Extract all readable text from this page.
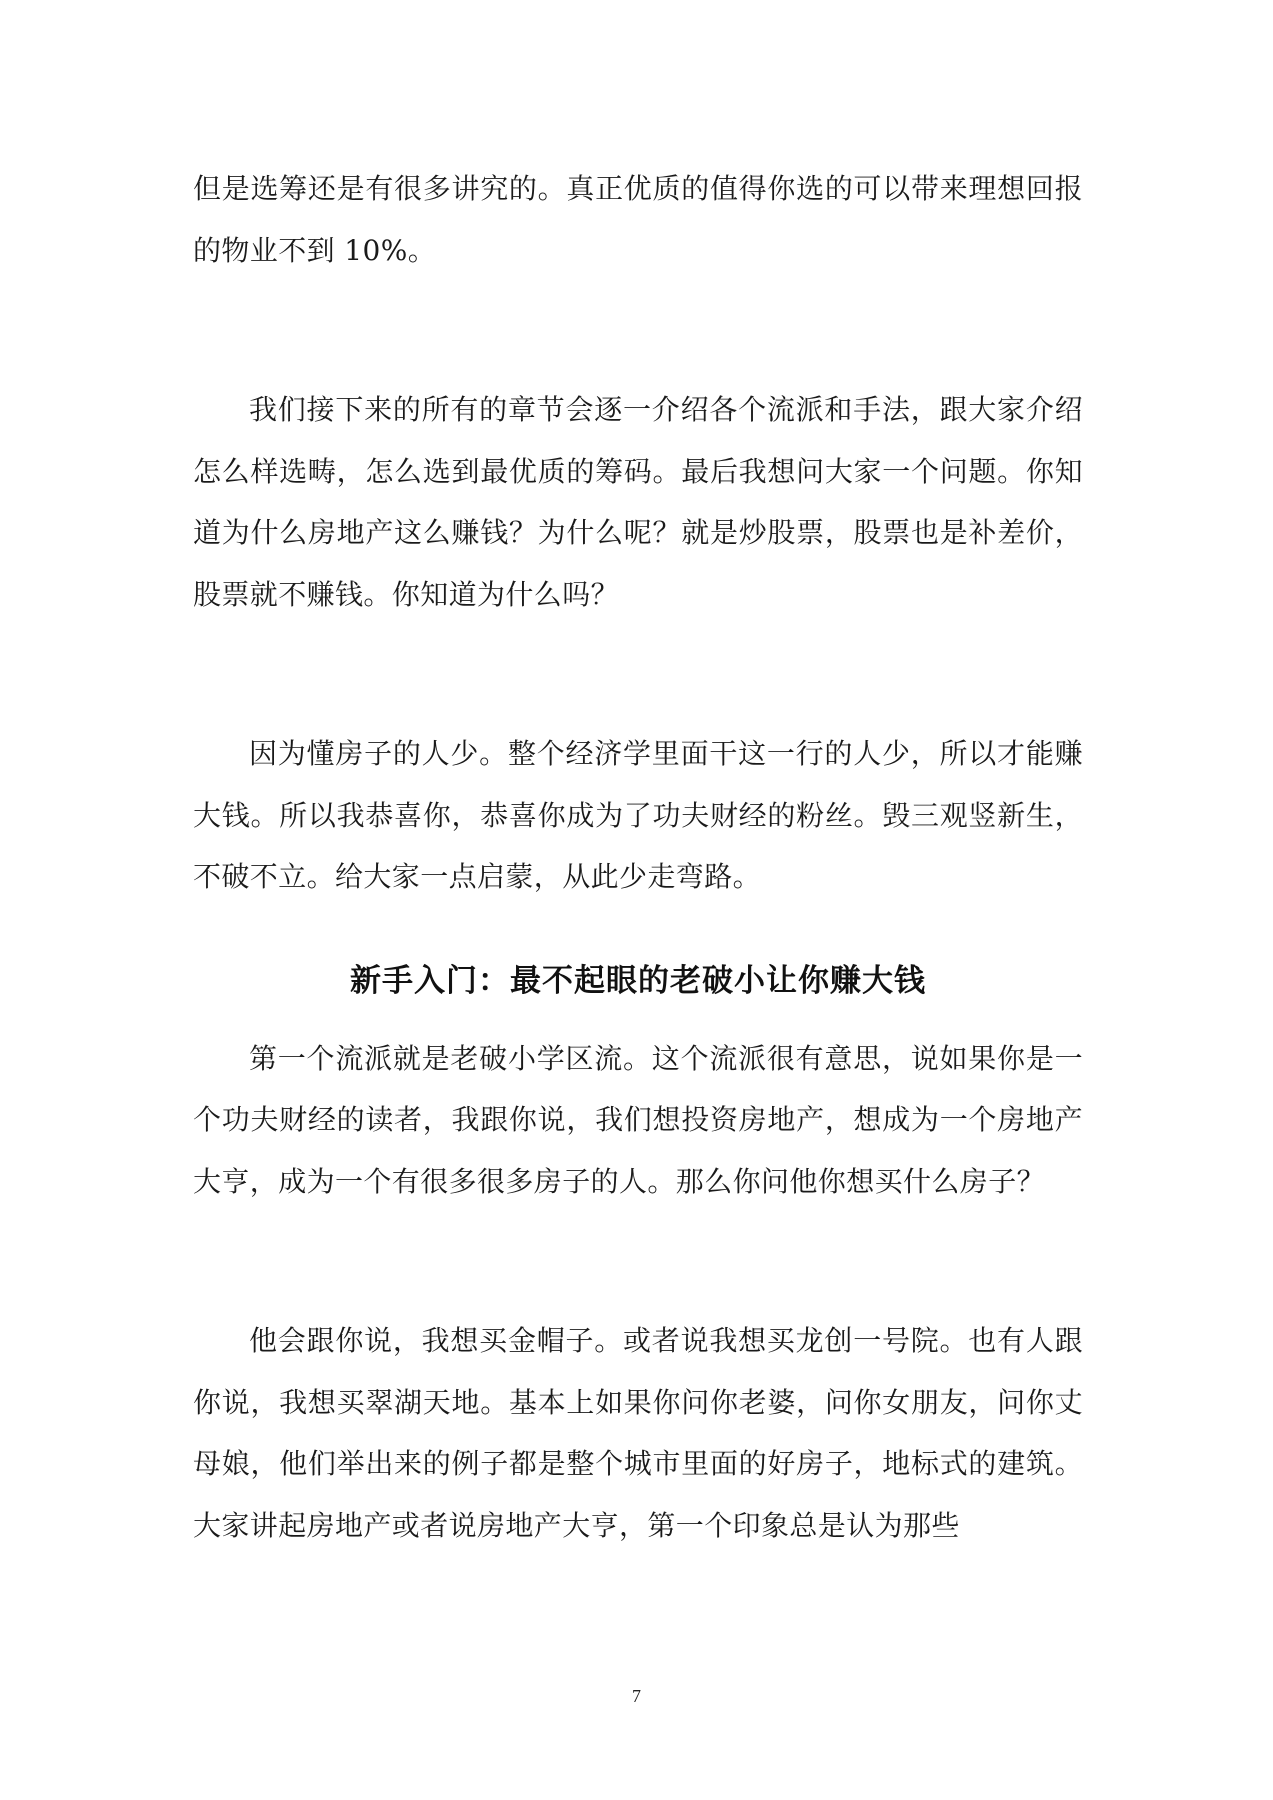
但是选筹还是有很多讲究的。真正优质的值得你选的可以带来理想回报的物业不到 10%。

我们接下来的所有的章节会逐一介绍各个流派和手法，跟大家介绍怎么样选畴，怎么选到最优质的筹码。最后我想问大家一个问题。你知道为什么房地产这么赚钱？为什么呢？就是炒股票，股票也是补差价，股票就不赚钱。你知道为什么吗？

因为懂房子的人少。整个经济学里面干这一行的人少，所以才能赚大钱。所以我恭喜你，恭喜你成为了功夫财经的粉丝。毁三观竖新生，不破不立。给大家一点启蒙，从此少走弯路。

新手入门：最不起眼的老破小让你赚大钱

第一个流派就是老破小学区流。这个流派很有意思，说如果你是一个功夫财经的读者，我跟你说，我们想投资房地产，想成为一个房地产大亨，成为一个有很多很多房子的人。那么你问他你想买什么房子？

他会跟你说，我想买金帽子。或者说我想买龙创一号院。也有人跟你说，我想买翠湖天地。基本上如果你问你老婆，问你女朋友，问你丈母娘，他们举出来的例子都是整个城市里面的好房子，地标式的建筑。大家讲起房地产或者说房地产大亨，第一个印象总是认为那些

7
